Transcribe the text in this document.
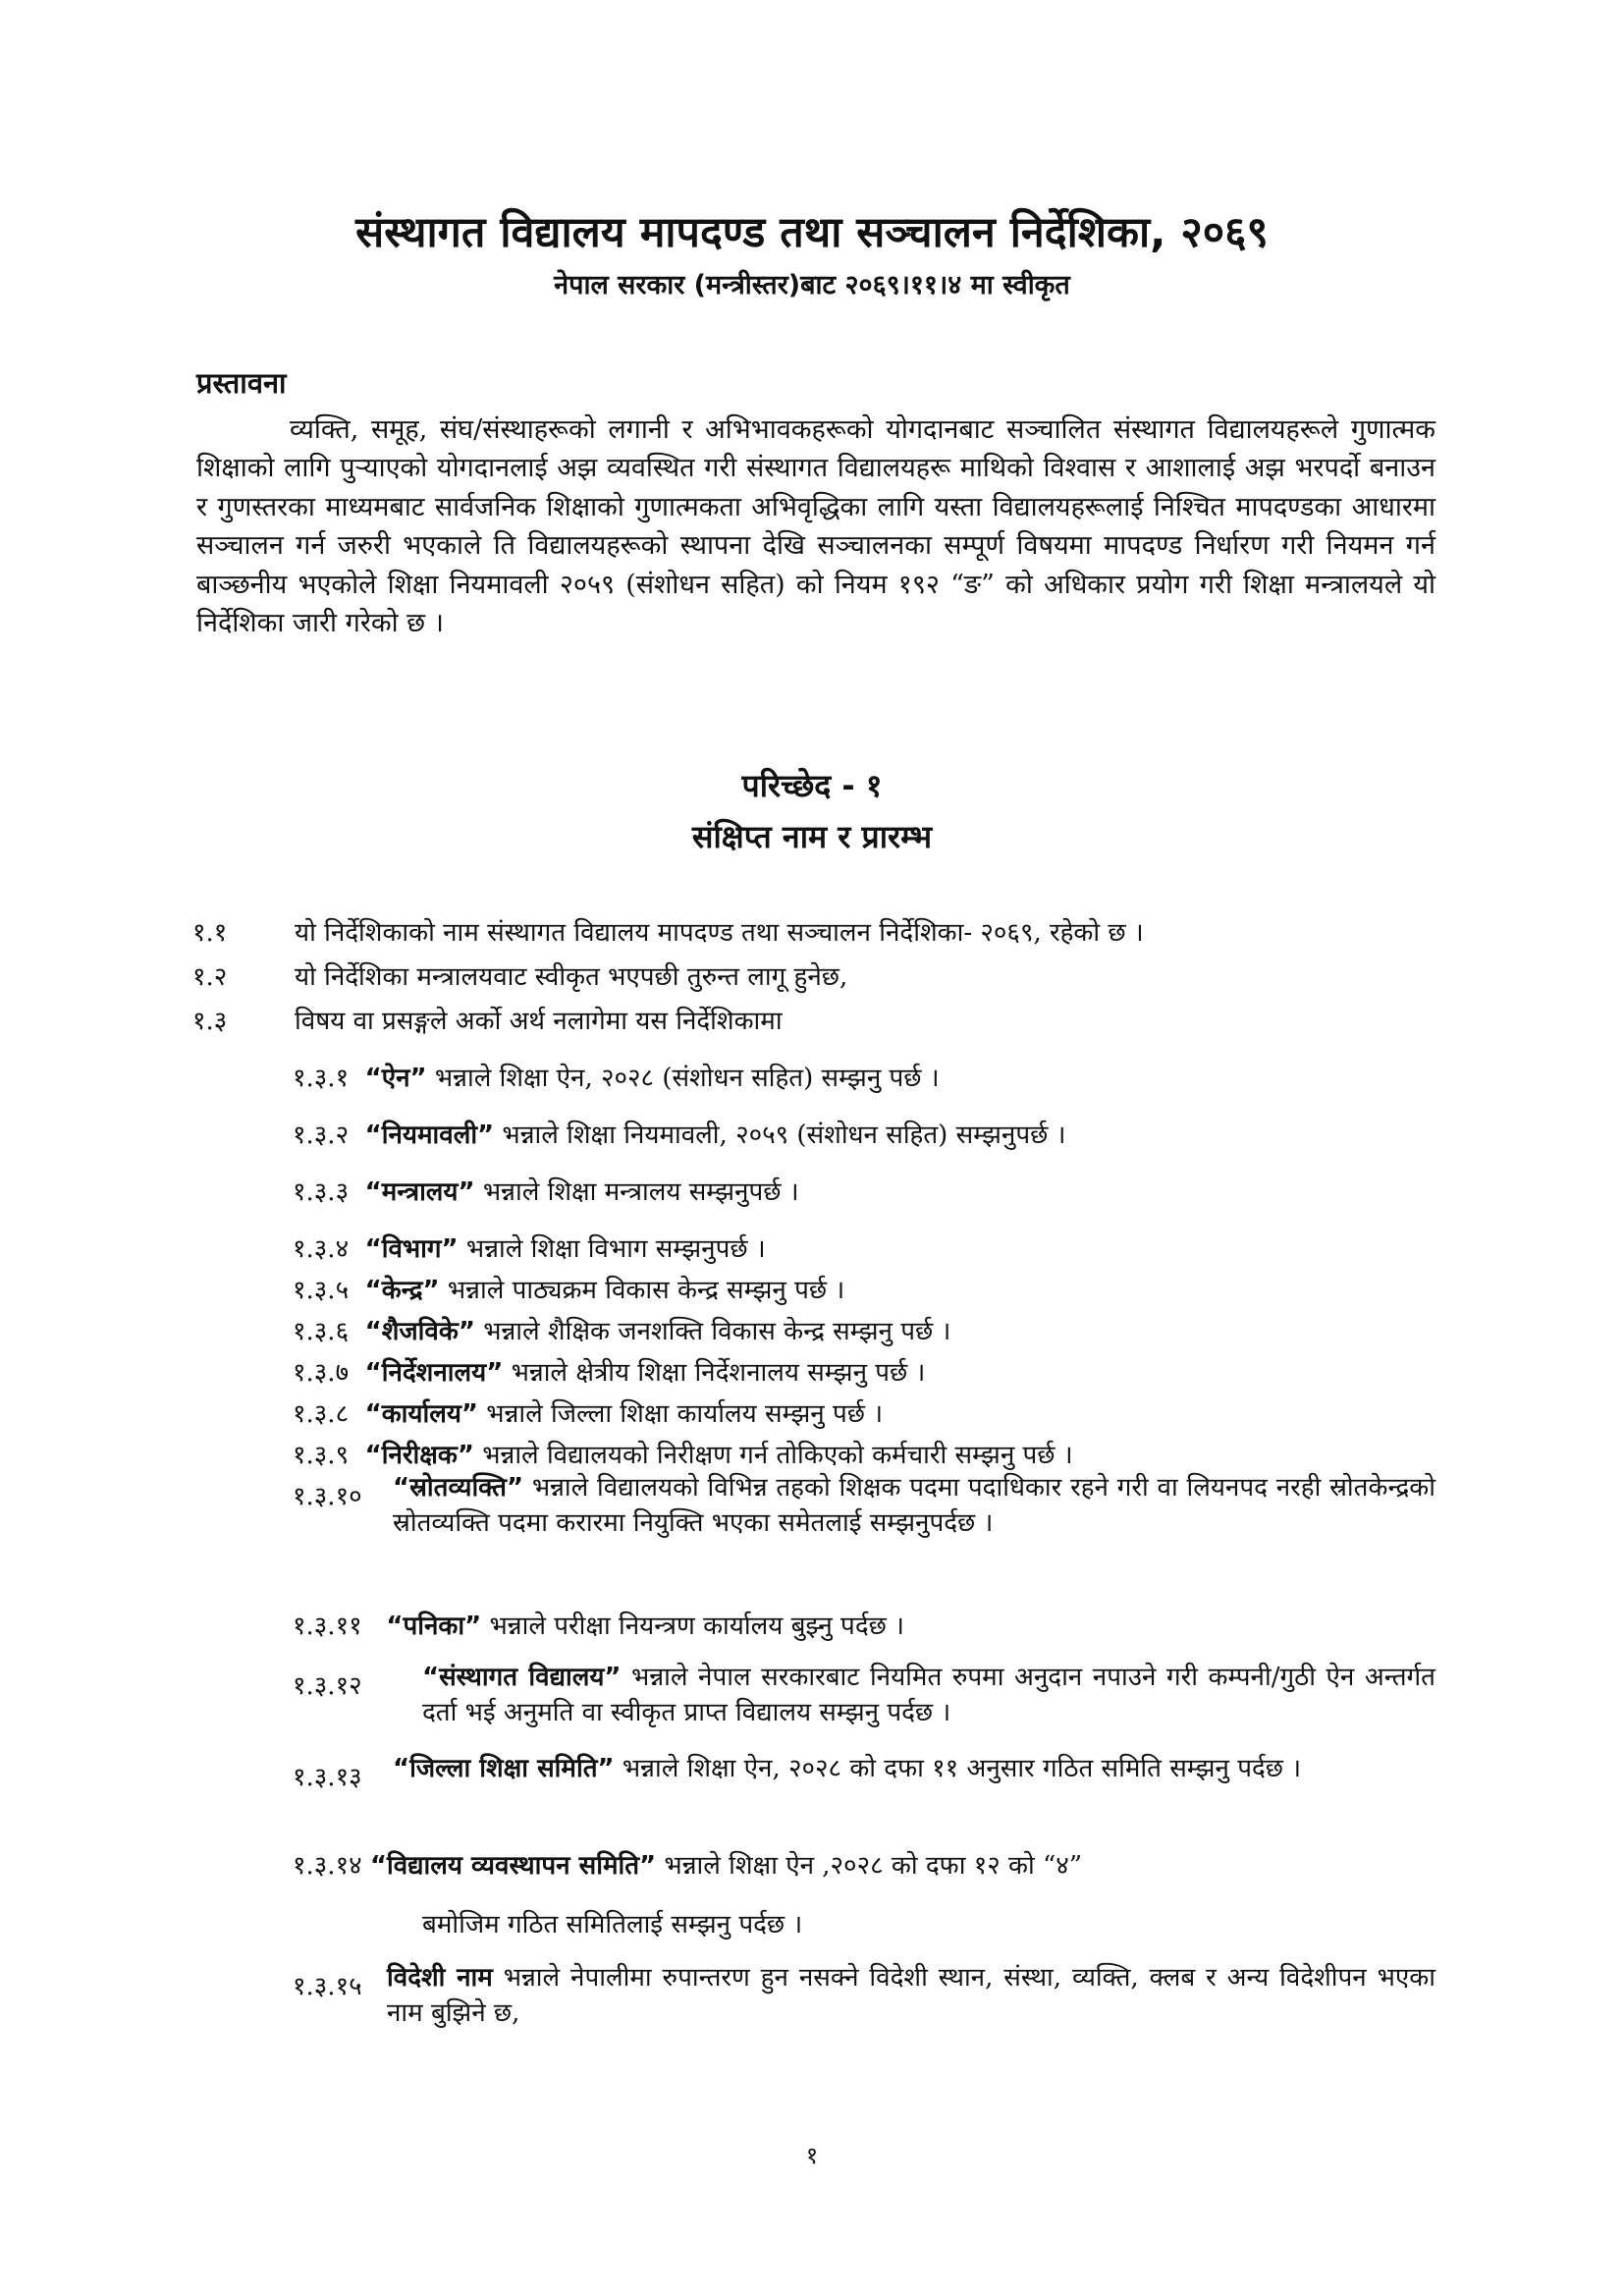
संस्थागत विद्यालय मापदण्ड तथा सञ्चालन निर्देशिका, २०६९
नेपाल सरकार (मन्त्रीस्तर)बाट २०६९।११।४ मा स्वीकृत
प्रस्तावना
व्यक्ति, समूह, संघ/संस्थाहरूको लगानी र अभिभावकहरूको योगदानबाट सञ्चालित संस्थागत विद्यालयहरूले गुणात्मक शिक्षाको लागि पुऱ्याएको योगदानलाई अझ व्यवस्थित गरी संस्थागत विद्यालयहरू माथिको विश्वास र आशालाई अझ भरपर्दो बनाउन र गुणस्तरका माध्यमबाट सार्वजनिक शिक्षाको गुणात्मकता अभिवृद्धिका लागि यस्ता विद्यालयहरूलाई निश्चित मापदण्डका आधारमा सञ्चालन गर्न जरुरी भएकाले ति विद्यालयहरूको स्थापना देखि सञ्चालनका सम्पूर्ण विषयमा मापदण्ड निर्धारण गरी नियमन गर्न बाञ्छनीय भएकोले शिक्षा नियमावली २०५९ (संशोधन सहित) को नियम १९२ “ङ” को अधिकार प्रयोग गरी शिक्षा मन्त्रालयले यो निर्देशिका जारी गरेको छ ।
परिच्छेद - १
संक्षिप्त नाम र प्रारम्भ
१.१	यो निर्देशिकाको नाम संस्थागत विद्यालय मापदण्ड तथा सञ्चालन निर्देशिका- २०६९, रहेको छ ।
१.२	यो निर्देशिका मन्त्रालयवाट स्वीकृत भएपछी तुरुन्त लागू हुनेछ,
१.३	विषय वा प्रसङ्गले अर्को अर्थ नलागेमा यस निर्देशिकामा
१.३.१ “ऐन” भन्नाले शिक्षा ऐन, २०२८ (संशोधन सहित) सम्झनु पर्छ ।
१.३.२ “नियमावली” भन्नाले शिक्षा नियमावली, २०५९ (संशोधन सहित) सम्झनुपर्छ ।
१.३.३ “मन्त्रालय” भन्नाले शिक्षा मन्त्रालय सम्झनुपर्छ ।
१.३.४ “विभाग” भन्नाले शिक्षा विभाग सम्झनुपर्छ ।
१.३.५ “केन्द्र” भन्नाले पाठ्यक्रम विकास केन्द्र सम्झनु पर्छ ।
१.३.६ “शैजविके” भन्नाले शैक्षिक जनशक्ति विकास केन्द्र सम्झनु पर्छ ।
१.३.७ “निर्देशनालय” भन्नाले क्षेत्रीय शिक्षा निर्देशनालय सम्झनु पर्छ ।
१.३.८ “कार्यालय” भन्नाले जिल्ला शिक्षा कार्यालय सम्झनु पर्छ ।
१.३.९ “निरीक्षक” भन्नाले विद्यालयको निरीक्षण गर्न तोकिएको कर्मचारी सम्झनु पर्छ ।
१.३.१० “स्रोतव्यक्ति” भन्नाले विद्यालयको विभिन्न तहको शिक्षक पदमा पदाधिकार रहने गरी वा लियनपद नरही स्रोतकेन्द्रको स्रोतव्यक्ति पदमा करारमा नियुक्ति भएका समेतलाई सम्झनुपर्दछ ।
१.३.११ “पनिका” भन्नाले परीक्षा नियन्त्रण कार्यालय बुझ्नु पर्दछ ।
१.३.१२ “संस्थागत विद्यालय” भन्नाले नेपाल सरकारबाट नियमित रुपमा अनुदान नपाउने गरी कम्पनी/गुठी ऐन अन्तर्गत दर्ता भई अनुमति वा स्वीकृत प्राप्त विद्यालय सम्झनु पर्दछ ।
१.३.१३ “जिल्ला शिक्षा समिति” भन्नाले शिक्षा ऐन, २०२८ को दफा ११ अनुसार गठित समिति सम्झनु पर्दछ ।
१.३.१४ “विद्यालय व्यवस्थापन समिति” भन्नाले शिक्षा ऐन ,२०२८ को दफा १२ को “४”
बमोजिम गठित समितिलाई सम्झनु पर्दछ ।
१.३.१५ विदेशी नाम भन्नाले नेपालीमा रुपान्तरण हुन नसक्ने विदेशी स्थान, संस्था, व्यक्ति, क्लब र अन्य विदेशीपन भएका नाम बुझिने छ,
१
